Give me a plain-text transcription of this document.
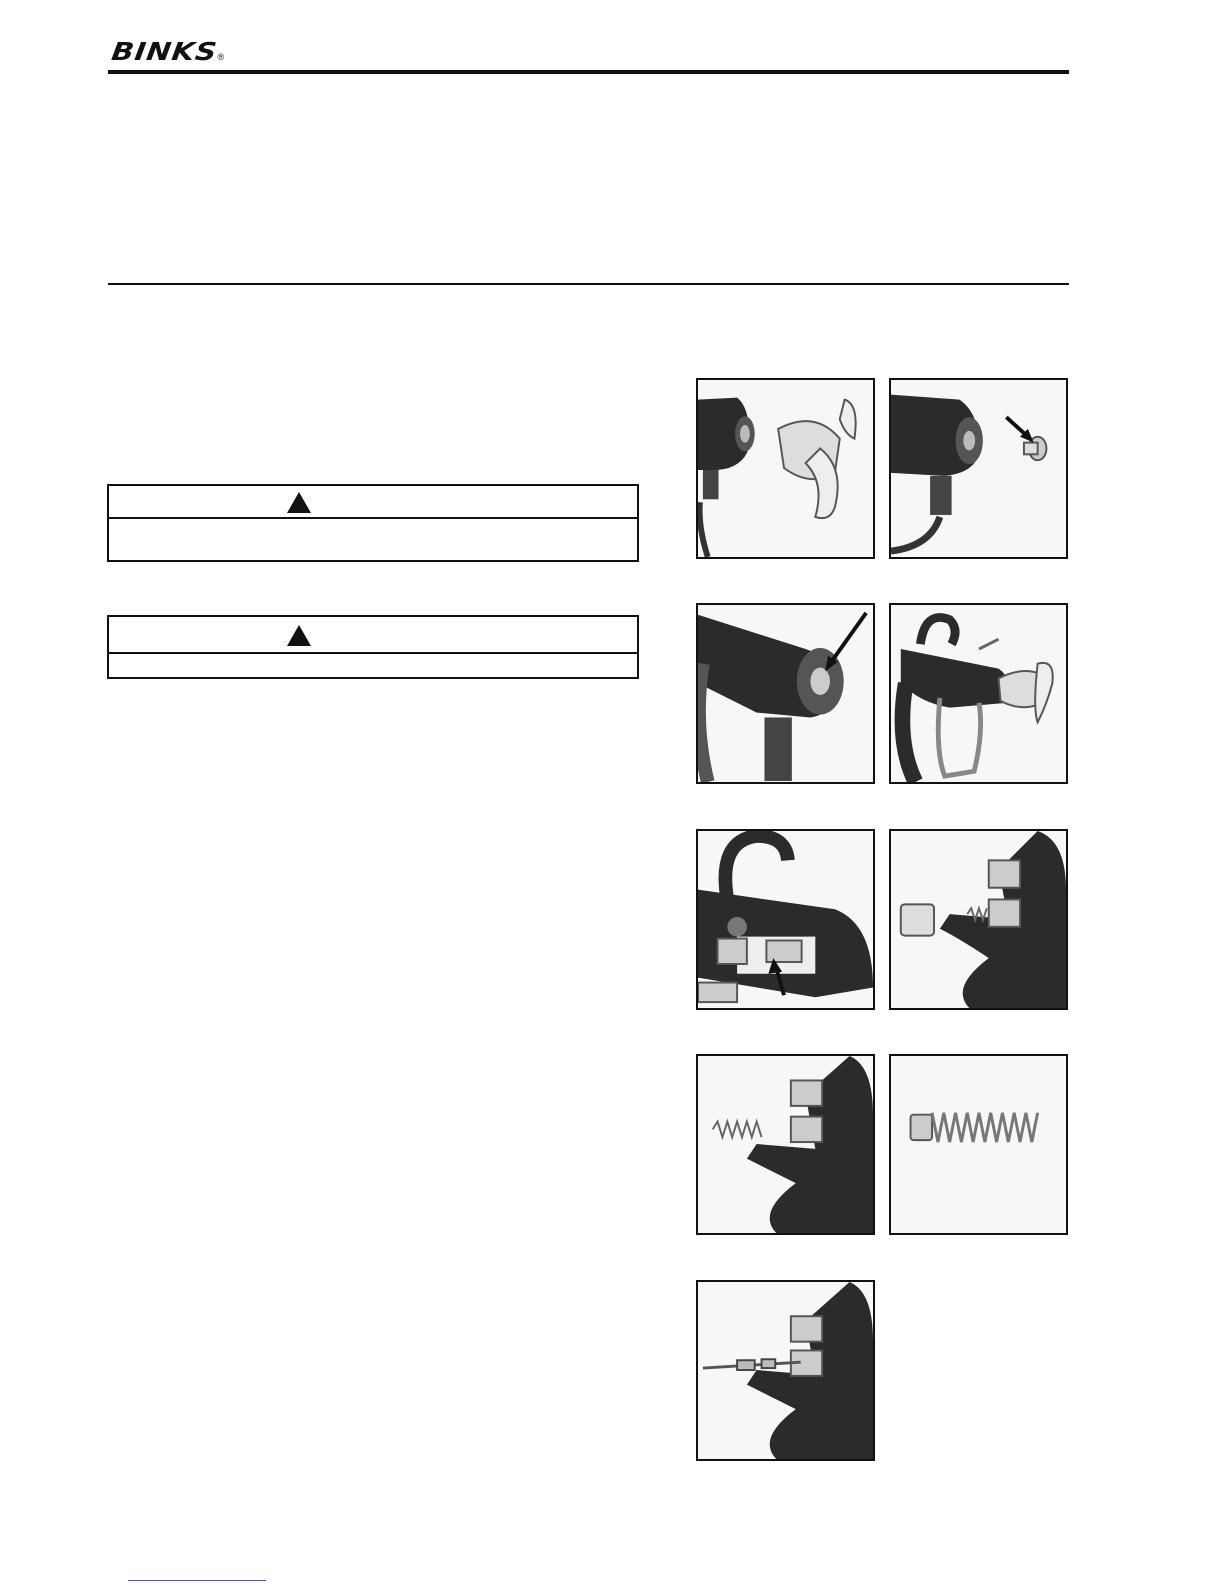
BINKS
®
